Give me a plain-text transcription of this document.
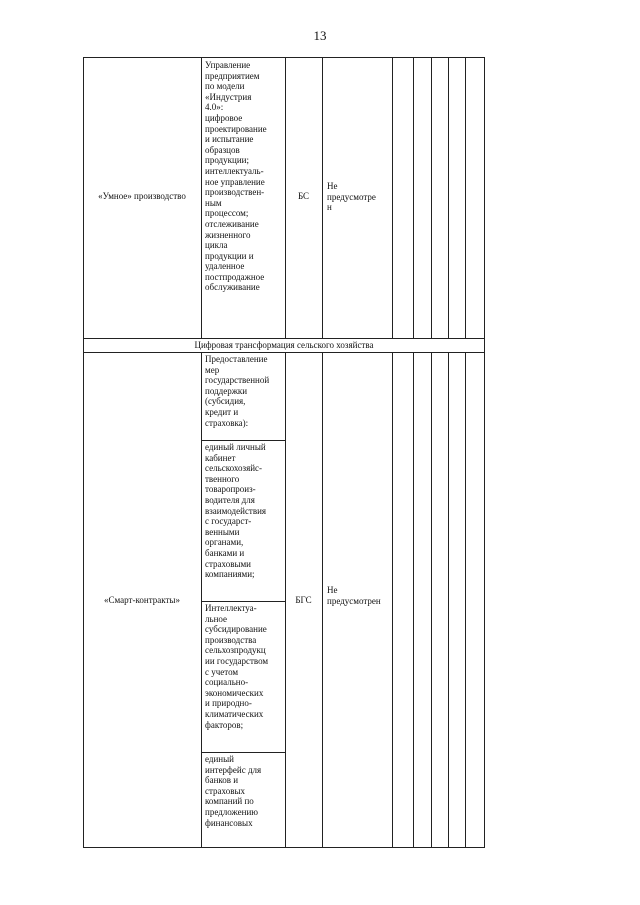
13
«Умное» производство
Управление
предприятием
по модели
«Индустрия
4.0»:
цифровое
проектирование
и испытание
образцов
продукции;
интеллектуаль-
ное управление
производствен-
ным
процессом;
отслеживание
жизненного
цикла
продукции и
удаленное
постпродажное
обслуживание
БС
Не
предусмотре
н
Цифровая трансформация сельского хозяйства
«Смарт-контракты»
Предоставление
мер
государственной
поддержки
(субсидия,
кредит и
страховка):
единый личный
кабинет
сельскохозяйс-
твенного
товаропроиз-
водителя для
взаимодействия
с государст-
венными
органами,
банками и
страховыми
компаниями;
Интеллектуа-
льное
субсидирование
производства
сельхозпродукц
ии государством
с учетом
социально-
экономических
и природно-
климатических
факторов;
единый
интерфейс для
банков и
страховых
компаний по
предложению
финансовых
БГС
Не
предусмотрен
